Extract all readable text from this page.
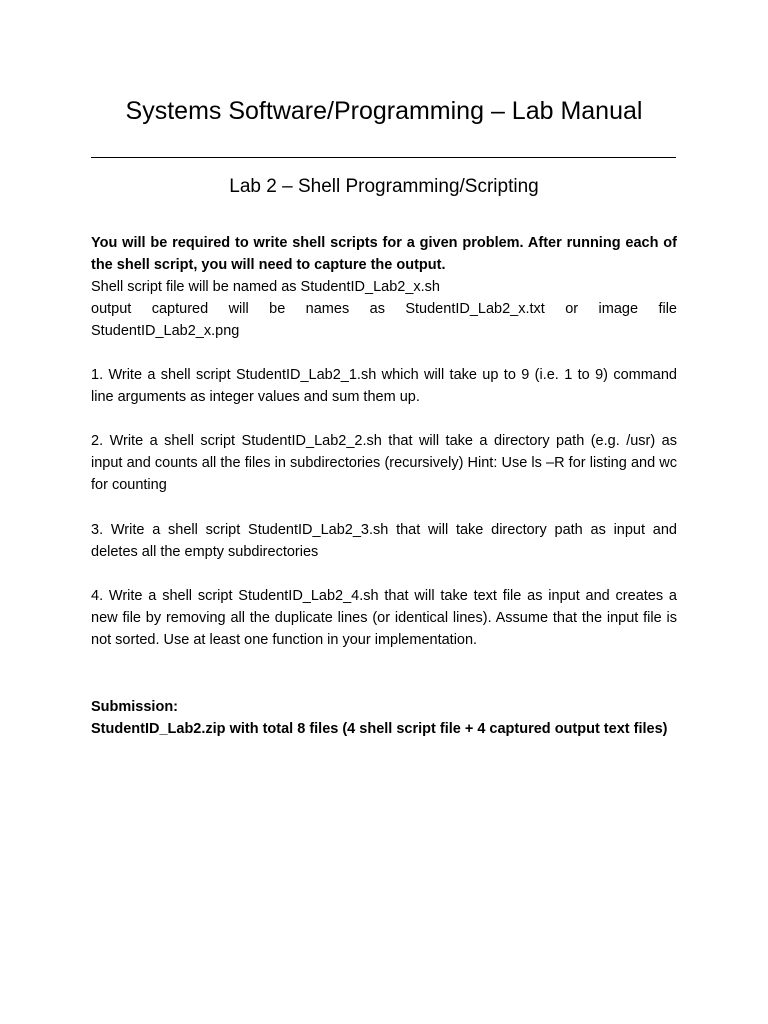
Systems Software/Programming – Lab Manual
Lab 2 – Shell Programming/Scripting

You will be required to write shell scripts for a given problem. After running each of the shell script, you will need to capture the output.

Shell script file will be named as StudentID_Lab2_x.sh

output captured will be names as StudentID_Lab2_x.txt or image file StudentID_Lab2_x.png

1. Write a shell script StudentID_Lab2_1.sh which will take up to 9 (i.e. 1 to 9) command line arguments as integer values and sum them up.
2. Write a shell script StudentID_Lab2_2.sh that will take a directory path (e.g. /usr) as input and counts all the files in subdirectories (recursively) Hint: Use ls –R for listing and wc for counting
3. Write a shell script StudentID_Lab2_3.sh that will take directory path as input and deletes all the empty subdirectories
4. Write a shell script StudentID_Lab2_4.sh that will take text file as input and creates a new file by removing all the duplicate lines (or identical lines). Assume that the input file is not sorted. Use at least one function in your implementation.

Submission:

StudentID_Lab2.zip with total 8 files (4 shell script file + 4 captured output text files)
